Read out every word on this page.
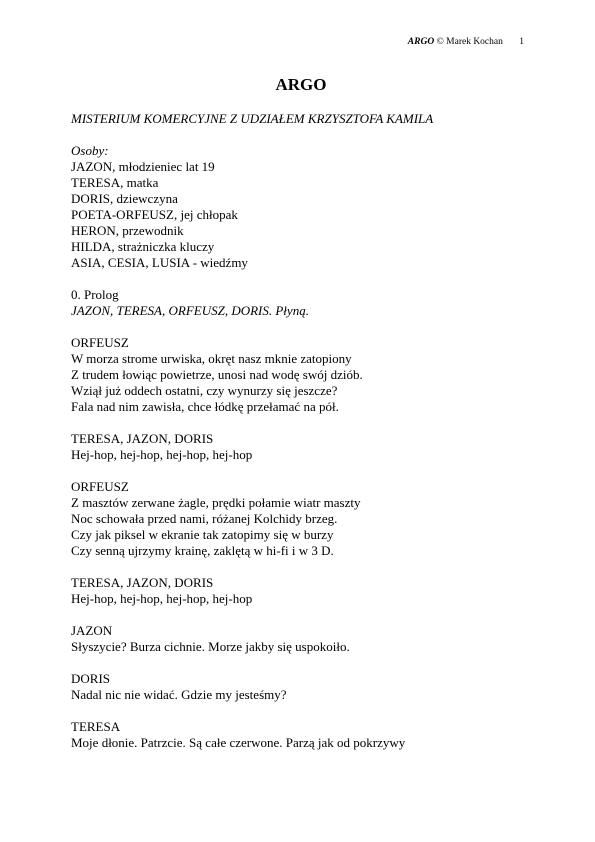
ARGO © Marek Kochan 1
ARGO
MISTERIUM KOMERCYJNE Z UDZIAŁEM KRZYSZTOFA KAMILA
Osoby:
JAZON, młodzieniec lat 19
TERESA, matka
DORIS, dziewczyna
POETA-ORFEUSZ, jej chłopak
HERON, przewodnik
HILDA, strażniczka kluczy
ASIA, CESIA, LUSIA - wiedźmy
0. Prolog
JAZON, TERESA, ORFEUSZ, DORIS. Płyną.
ORFEUSZ
W morza strome urwiska, okręt nasz mknie zatopiony
Z trudem łowiąc powietrze, unosi nad wodę swój dziób.
Wziął już oddech ostatni, czy wynurzy się jeszcze?
Fala nad nim zawisła, chce łódkę przełamać na pół.
TERESA, JAZON, DORIS
Hej-hop, hej-hop, hej-hop, hej-hop
ORFEUSZ
Z masztów zerwane żagle, prędki połamie wiatr maszty
Noc schowała przed nami, różanej Kolchidy brzeg.
Czy jak piksel w ekranie tak zatopimy się w burzy
Czy senną ujrzymy krainę, zaklętą w hi-fi i w 3 D.
TERESA, JAZON, DORIS
Hej-hop, hej-hop, hej-hop, hej-hop
JAZON
Słyszycie? Burza cichnie. Morze jakby się uspokoiło.
DORIS
Nadal nic nie widać. Gdzie my jesteśmy?
TERESA
Moje dłonie. Patrzcie. Są całe czerwone. Parzą jak od pokrzywy
